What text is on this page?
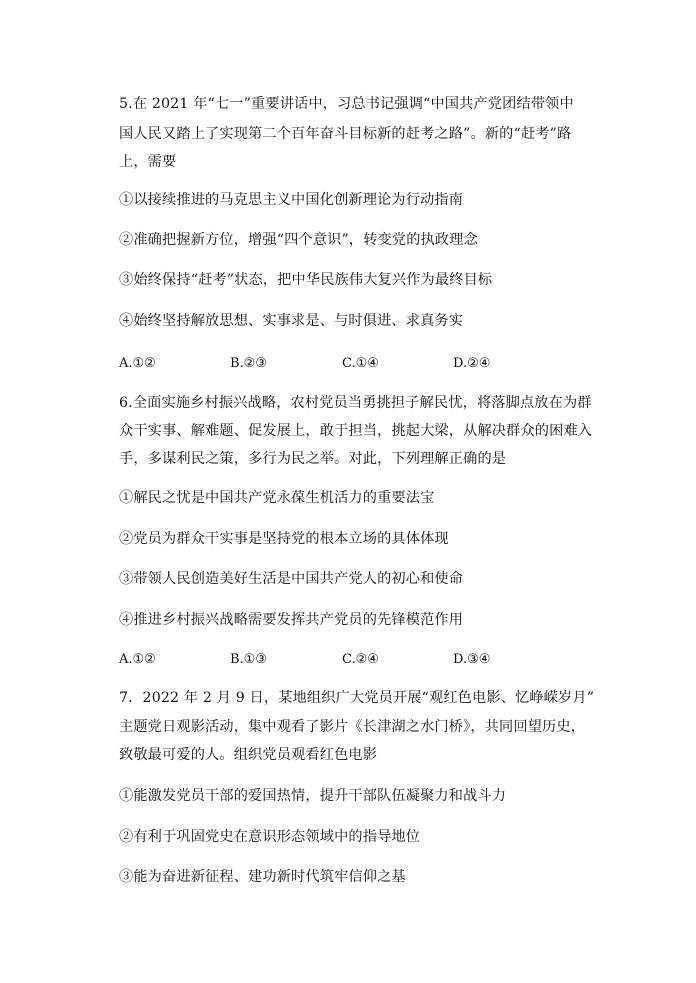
5.在 2021 年“七一”重要讲话中，习总书记强调“中国共产党团结带领中
国人民又踏上了实现第二个百年奋斗目标新的赶考之路”。新的“赶考”路
上，需要
①以接续推进的马克思主义中国化创新理论为行动指南
②准确把握新方位，增强“四个意识”，转变党的执政理念
③始终保持“赶考”状态，把中华民族伟大复兴作为最终目标
④始终坚持解放思想、实事求是、与时俱进、求真务实
A.①②	B.②③	C.①④	D.②④
6.全面实施乡村振兴战略，农村党员当勇挑担子解民忧，将落脚点放在为群
众干实事、解难题、促发展上，敢于担当，挑起大梁，从解决群众的困难入
手，多谋利民之策，多行为民之举。对此，下列理解正确的是
①解民之忧是中国共产党永葆生机活力的重要法宝
②党员为群众干实事是坚持党的根本立场的具体体现
③带领人民创造美好生活是中国共产党人的初心和使命
④推进乡村振兴战略需要发挥共产党员的先锋模范作用
A.①②	B.①③	C.②④	D.③④
7．2022 年 2 月 9 日，某地组织广大党员开展“观红色电影、忆峥嵘岁月”
主题党日观影活动，集中观看了影片《长津湖之水门桥》，共同回望历史，
致敬最可爱的人。组织党员观看红色电影
①能激发党员干部的爱国热情，提升干部队伍凝聚力和战斗力
②有利于巩固党史在意识形态领域中的指导地位
③能为奋进新征程、建功新时代筑牢信仰之基
